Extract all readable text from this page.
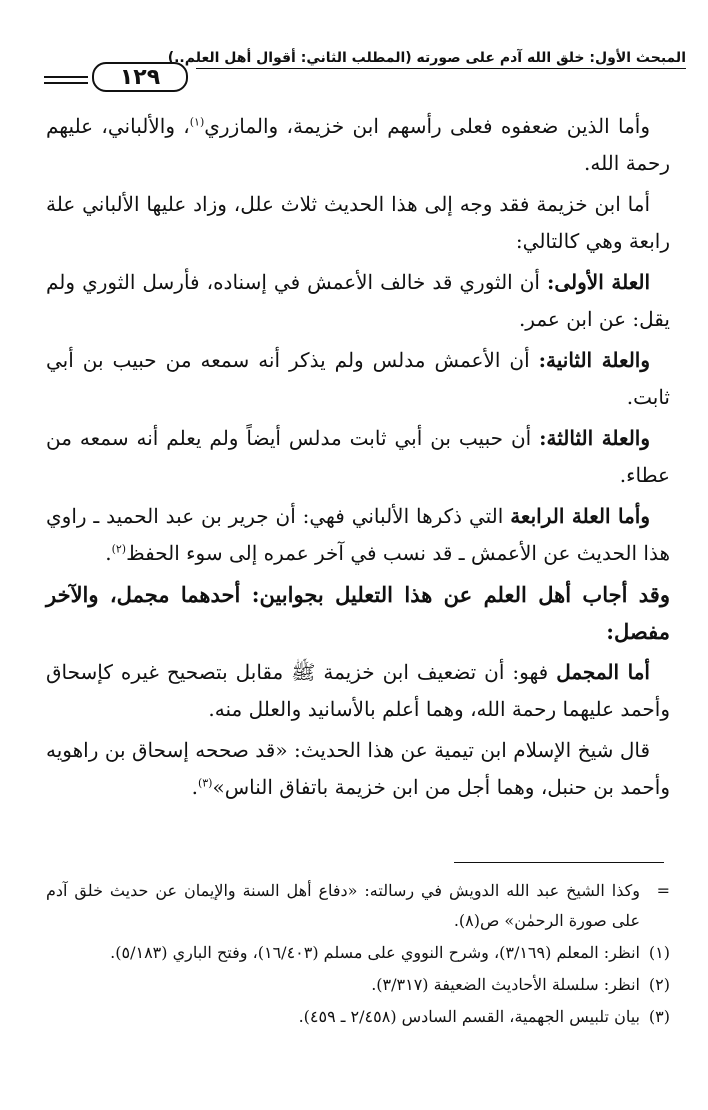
المبحث الأول: خلق الله آدم على صورته (المطلب الثاني: أقوال أهل العلم..)
١٢٩

وأما الذين ضعفوه فعلى رأسهم ابن خزيمة، والمازري$^{(١)}$، والألباني، عليهم رحمة الله.

أما ابن خزيمة فقد وجه إلى هذا الحديث ثلاث علل، وزاد عليها الألباني علة رابعة وهي كالتالي:

العلة الأولى: أن الثوري قد خالف الأعمش في إسناده، فأرسل الثوري ولم يقل: عن ابن عمر.

والعلة الثانية: أن الأعمش مدلس ولم يذكر أنه سمعه من حبيب بن أبي ثابت.

والعلة الثالثة: أن حبيب بن أبي ثابت مدلس أيضاً ولم يعلم أنه سمعه من عطاء.

وأما العلة الرابعة التي ذكرها الألباني فهي: أن جرير بن عبد الحميد ـ راوي هذا الحديث عن الأعمش ـ قد نسب في آخر عمره إلى سوء الحفظ$^{(٢)}$.

وقد أجاب أهل العلم عن هذا التعليل بجوابين: أحدهما مجمل، والآخر مفصل:

أما المجمل فهو: أن تضعيف ابن خزيمة ﷺ مقابل بتصحيح غيره كإسحاق وأحمد عليهما رحمة الله، وهما أعلم بالأسانيد والعلل منه.

قال شيخ الإسلام ابن تيمية عن هذا الحديث: «قد صححه إسحاق بن راهويه وأحمد بن حنبل، وهما أجل من ابن خزيمة باتفاق الناس»$^{(٣)}$.

=
وكذا الشيخ عبد الله الدويش في رسالته: «دفاع أهل السنة والإيمان عن حديث خلق آدم على صورة الرحمٰن» ص(٨).
(١)
انظر: المعلم (٣/١٦٩)، وشرح النووي على مسلم (١٦/٤٠٣)، وفتح الباري (٥/١٨٣).
(٢)
انظر: سلسلة الأحاديث الضعيفة (٣/٣١٧).
(٣)
بيان تلبيس الجهمية، القسم السادس (٢/٤٥٨ ـ ٤٥٩).
